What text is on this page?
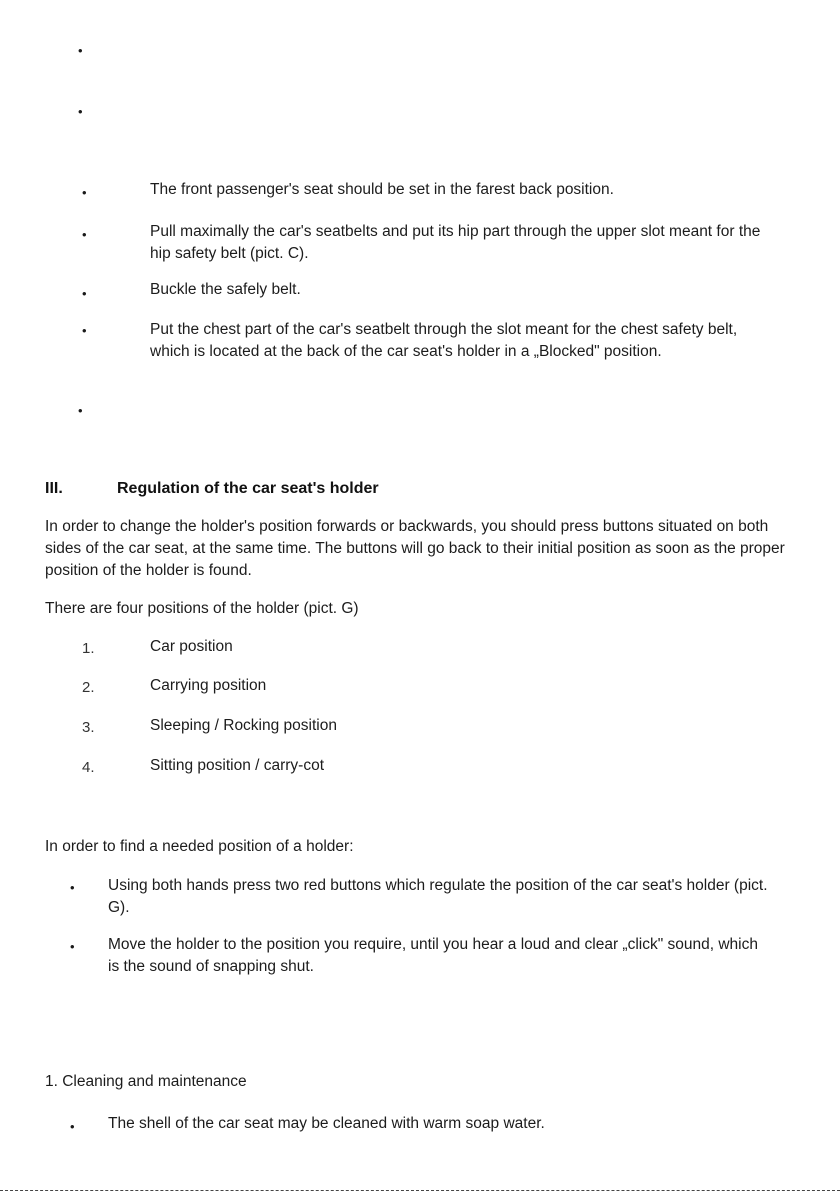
•
•
•	The front passenger's seat should be set in the farest back position.
•	Pull maximally the car's seatbelts and put its hip part through the upper slot meant for the hip safety belt (pict. C).
•	Buckle the safely belt.
•	Put the chest part of the car's seatbelt through the slot meant for the chest safety belt, which is located at the back of the car seat's holder in a „Blocked" position.
•
III.	Regulation of the car seat's holder
In order to change the holder's position forwards or backwards, you should press buttons situated on both sides of the car seat, at the same time. The buttons will go back to their initial position as soon as the proper position of the holder is found.
There are four positions of the holder (pict. G)
1.	Car position
2.	Carrying position
3.	Sleeping / Rocking position
4.	Sitting position / carry-cot
In order to find a needed position of a holder:
• Using both hands press two red buttons which regulate the position of the car seat's holder (pict. G).
• Move the holder to the position you require, until you hear a loud and clear „click" sound, which is the sound of snapping shut.
1. Cleaning and maintenance
• The shell of the car seat may be cleaned with warm soap water.
